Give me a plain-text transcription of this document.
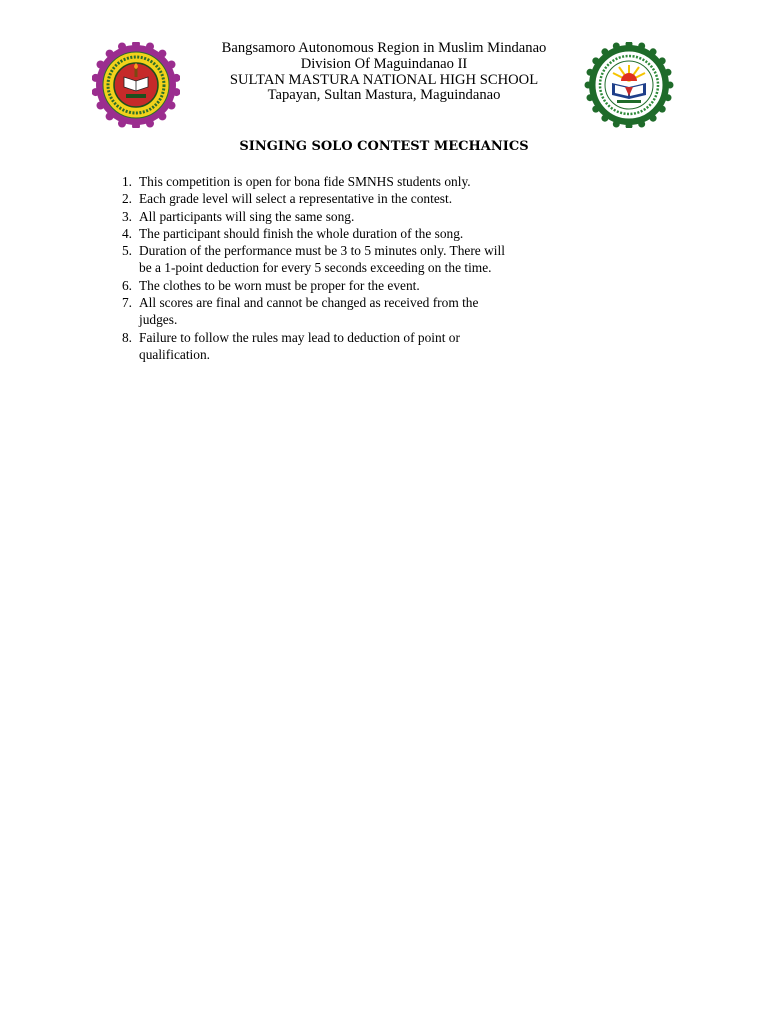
Bangsamoro Autonomous Region in Muslim Mindanao
Division Of Maguindanao II
SULTAN MASTURA NATIONAL HIGH SCHOOL
Tapayan, Sultan Mastura, Maguindanao
SINGING SOLO CONTEST MECHANICS
1. This competition is open for bona fide SMNHS students only.
2. Each grade level will select a representative in the contest.
3. All participants will sing the same song.
4. The participant should finish the whole duration of the song.
5. Duration of the performance must be 3 to 5 minutes only. There will
be a 1-point deduction for every 5 seconds exceeding on the time.
6. The clothes to be worn must be proper for the event.
7. All scores are final and cannot be changed as received from the
judges.
8. Failure to follow the rules may lead to deduction of point or
qualification.
